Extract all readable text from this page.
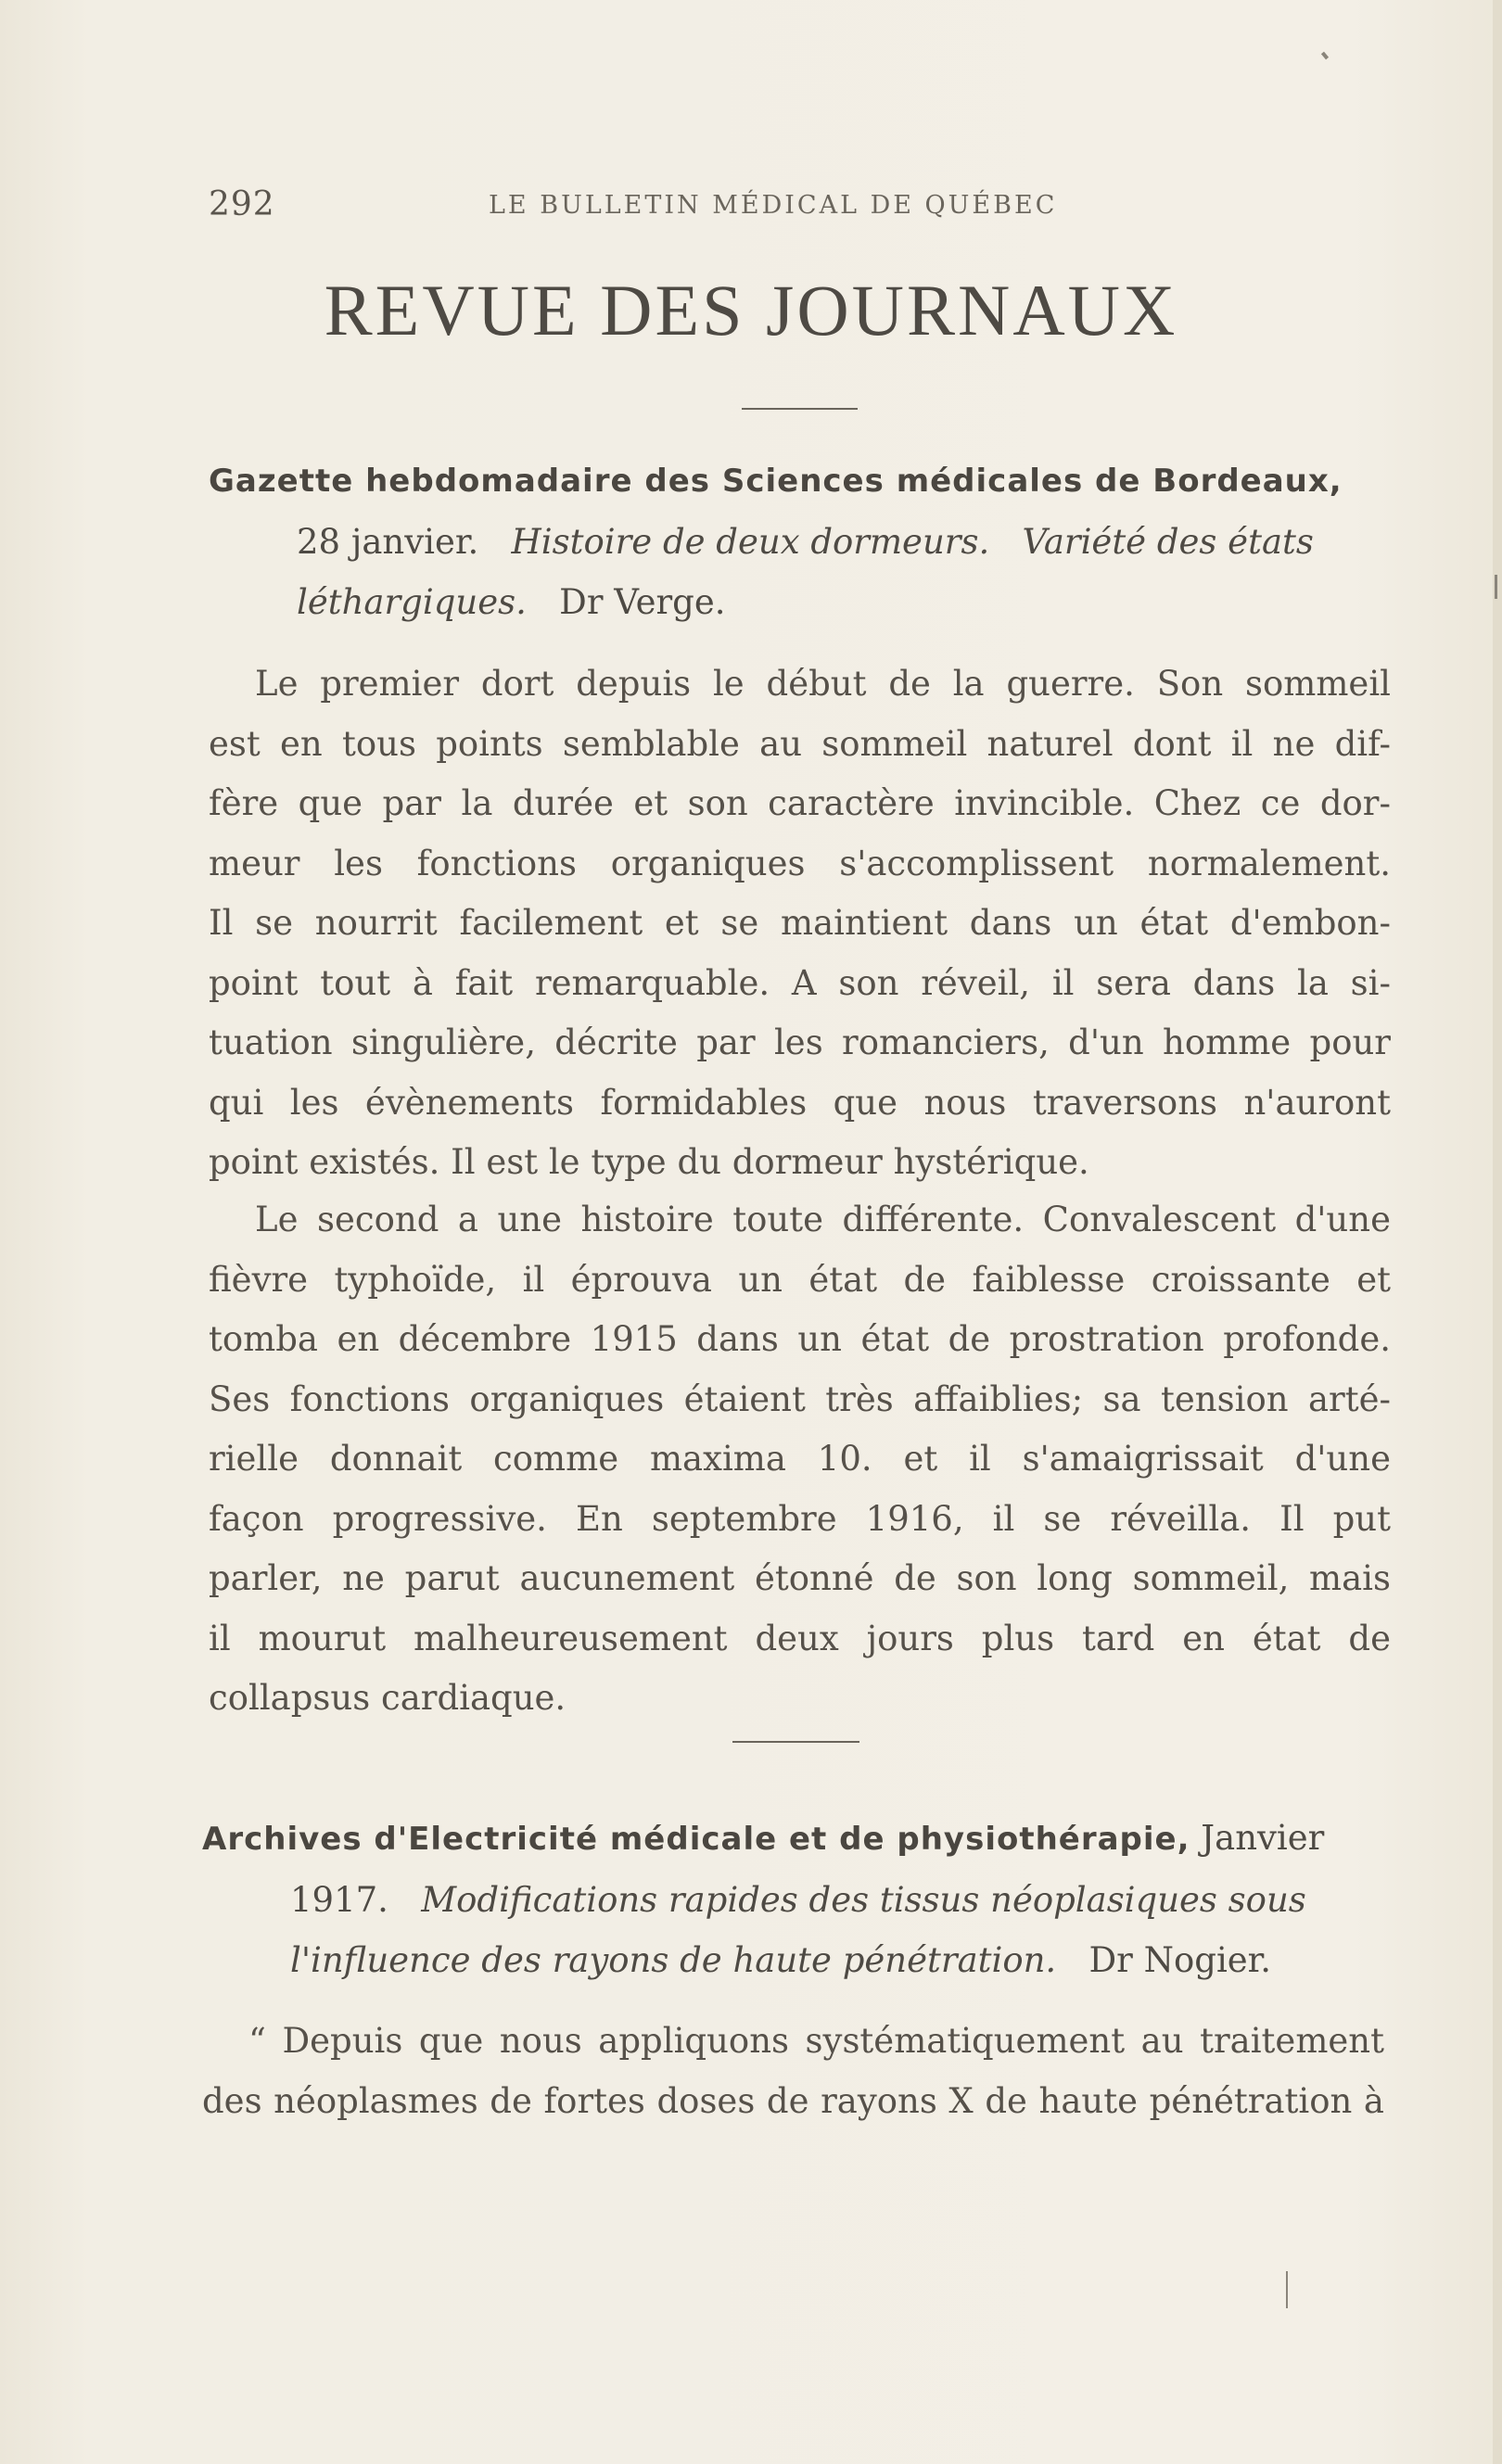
292	LE BULLETIN MÉDICAL DE QUÉBEC
REVUE DES JOURNAUX
Gazette hebdomadaire des Sciences médicales de Bordeaux,
28 janvier. Histoire de deux dormeurs. Variété des états
léthargiques. Dr Verge.
Le premier dort depuis le début de la guerre. Son sommeil
est en tous points semblable au sommeil naturel dont il ne dif-
fère que par la durée et son caractère invincible. Chez ce dor-
meur les fonctions organiques s'accomplissent normalement.
Il se nourrit facilement et se maintient dans un état d'embon-
point tout à fait remarquable. A son réveil, il sera dans la si-
tuation singulière, décrite par les romanciers, d'un homme pour
qui les évènements formidables que nous traversons n'auront
point existés. Il est le type du dormeur hystérique.
Le second a une histoire toute différente. Convalescent d'une
fièvre typhoïde, il éprouva un état de faiblesse croissante et
tomba en décembre 1915 dans un état de prostration profonde.
Ses fonctions organiques étaient très affaiblies; sa tension arté-
rielle donnait comme maxima 10. et il s'amaigrissait d'une
façon progressive. En septembre 1916, il se réveilla. Il put
parler, ne parut aucunement étonné de son long sommeil, mais
il mourut malheureusement deux jours plus tard en état de
collapsus cardiaque.
Archives d'Electricité médicale et de physiothérapie, Janvier
1917. Modifications rapides des tissus néoplasiques sous
l'influence des rayons de haute pénétration. Dr Nogier.
“ Depuis que nous appliquons systématiquement au traitement
des néoplasmes de fortes doses de rayons X de haute pénétration à
